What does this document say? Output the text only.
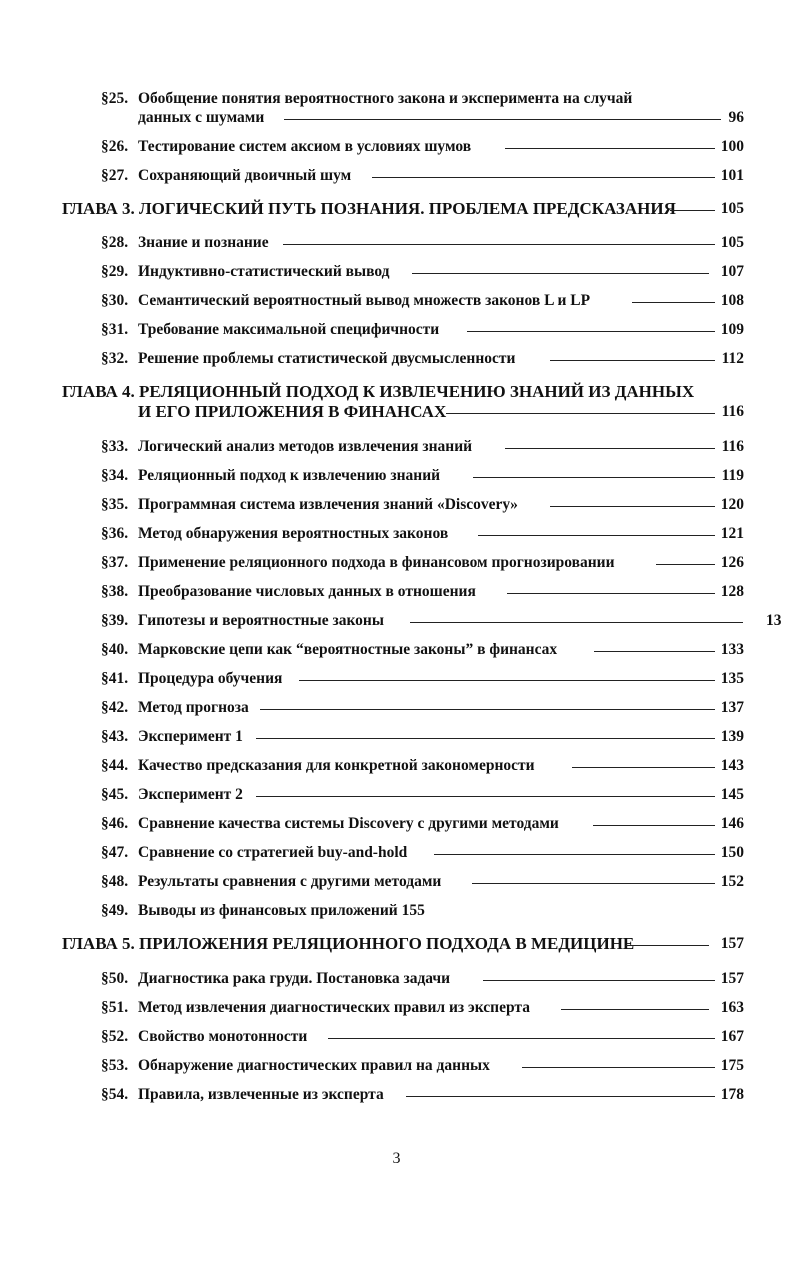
§25. Обобщение понятия вероятностного закона и эксперимента на случай
данных с шумами	96
§26. Тестирование систем аксиом в условиях шумов	100
§27. Сохраняющий двоичный шум	101
ГЛАВА 3. ЛОГИЧЕСКИЙ ПУТЬ ПОЗНАНИЯ. ПРОБЛЕМА ПРЕДСКАЗАНИЯ	105
§28. Знание и познание	105
§29. Индуктивно-статистический вывод	107
§30. Семантический вероятностный вывод множеств законов L и LP	108
§31. Требование максимальной специфичности	109
§32. Решение проблемы статистической двусмысленности	112
ГЛАВА 4. РЕЛЯЦИОННЫЙ ПОДХОД К ИЗВЛЕЧЕНИЮ ЗНАНИЙ ИЗ ДАННЫХ
И ЕГО ПРИЛОЖЕНИЯ В ФИНАНСАХ	116
§33. Логический анализ методов извлечения знаний	116
§34. Реляционный подход к извлечению знаний	119
§35. Программная система извлечения знаний «Discovery»	120
§36. Метод обнаружения вероятностных законов	121
§37. Применение реляционного подхода в финансовом прогнозировании	126
§38. Преобразование числовых данных в отношения	128
§39. Гипотезы и вероятностные законы	13
§40. Марковские цепи как “вероятностные законы” в финансах	133
§41. Процедура обучения	135
§42. Метод прогноза	137
§43. Эксперимент 1	139
§44. Качество предсказания для конкретной закономерности	143
§45. Эксперимент 2	145
§46. Сравнение качества системы Discovery с другими методами	146
§47. Сравнение со стратегией buy-and-hold	150
§48. Результаты сравнения с другими методами	152
§49. Выводы из финансовых приложений 155
ГЛАВА 5. ПРИЛОЖЕНИЯ РЕЛЯЦИОННОГО ПОДХОДА В МЕДИЦИНЕ	157
§50. Диагностика рака груди. Постановка задачи	157
§51. Метод извлечения диагностических правил из эксперта	163
§52. Свойство монотонности	167
§53. Обнаружение диагностических правил на данных	175
§54. Правила, извлеченные из эксперта	178
3
